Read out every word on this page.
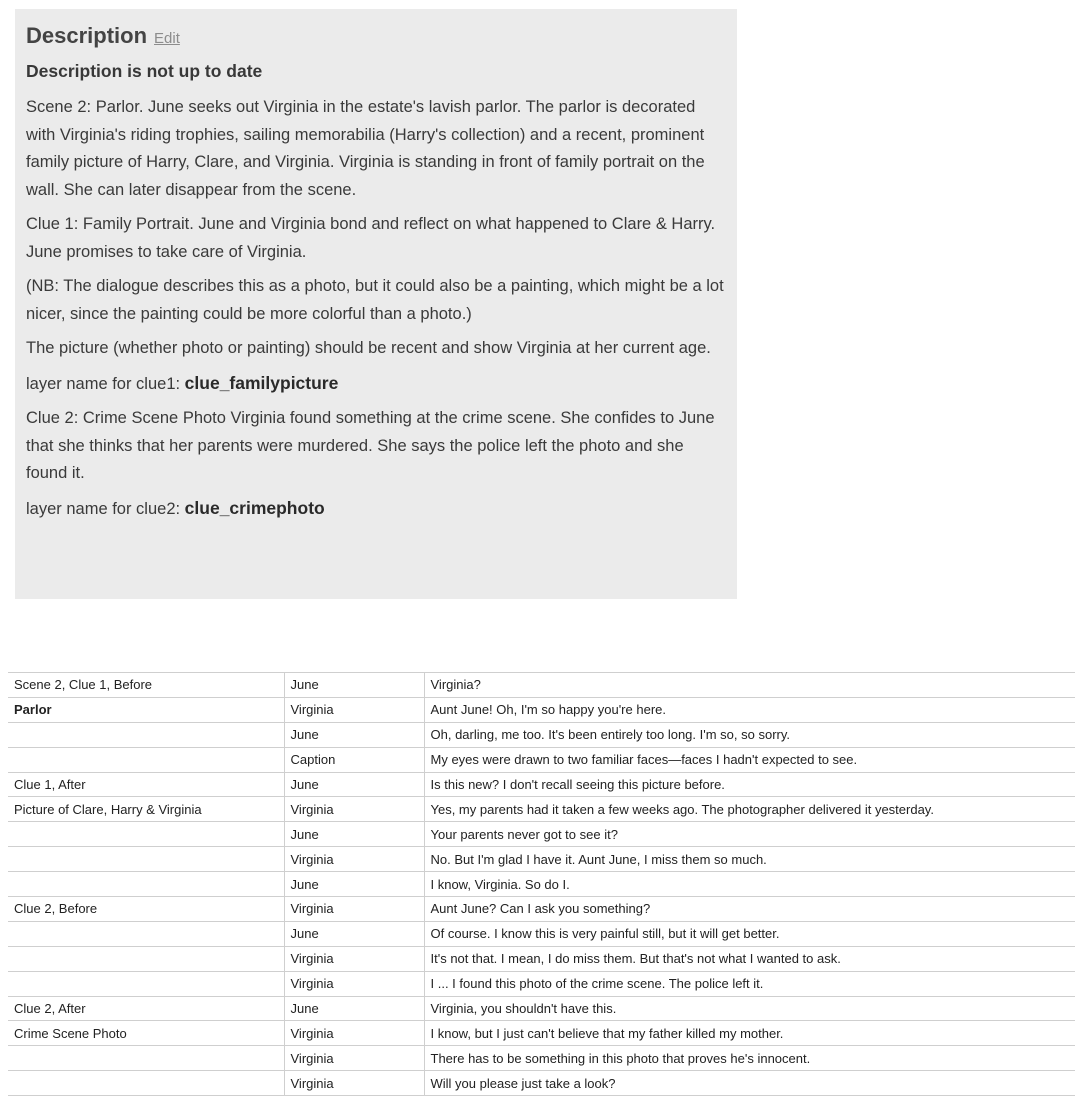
Description Edit
Description is not up to date

Scene 2: Parlor. June seeks out Virginia in the estate's lavish parlor. The parlor is decorated with Virginia's riding trophies, sailing memorabilia (Harry's collection) and a recent, prominent family picture of Harry, Clare, and Virginia. Virginia is standing in front of family portrait on the wall. She can later disappear from the scene.

Clue 1: Family Portrait. June and Virginia bond and reflect on what happened to Clare & Harry. June promises to take care of Virginia.

(NB: The dialogue describes this as a photo, but it could also be a painting, which might be a lot nicer, since the painting could be more colorful than a photo.)

The picture (whether photo or painting) should be recent and show Virginia at her current age.

layer name for clue1: clue_familypicture

Clue 2: Crime Scene Photo Virginia found something at the crime scene. She confides to June that she thinks that her parents were murdered. She says the police left the photo and she found it.

layer name for clue2: clue_crimephoto

Scene 2, Clue 1, Before	June	Virginia?
Parlor	Virginia	Aunt June! Oh, I'm so happy you're here.
	June	Oh, darling, me too. It's been entirely too long. I'm so, so sorry.
	Caption	My eyes were drawn to two familiar faces—faces I hadn't expected to see.
Clue 1, After	June	Is this new? I don't recall seeing this picture before.
Picture of Clare, Harry & Virginia	Virginia	Yes, my parents had it taken a few weeks ago. The photographer delivered it yesterday.
	June	Your parents never got to see it?
	Virginia	No. But I'm glad I have it. Aunt June, I miss them so much.
	June	I know, Virginia. So do I.
Clue 2, Before	Virginia	Aunt June? Can I ask you something?
	June	Of course. I know this is very painful still, but it will get better.
	Virginia	It's not that. I mean, I do miss them. But that's not what I wanted to ask.
	Virginia	I ... I found this photo of the crime scene. The police left it.
Clue 2, After	June	Virginia, you shouldn't have this.
Crime Scene Photo	Virginia	I know, but I just can't believe that my father killed my mother.
	Virginia	There has to be something in this photo that proves he's innocent.
	Virginia	Will you please just take a look?
